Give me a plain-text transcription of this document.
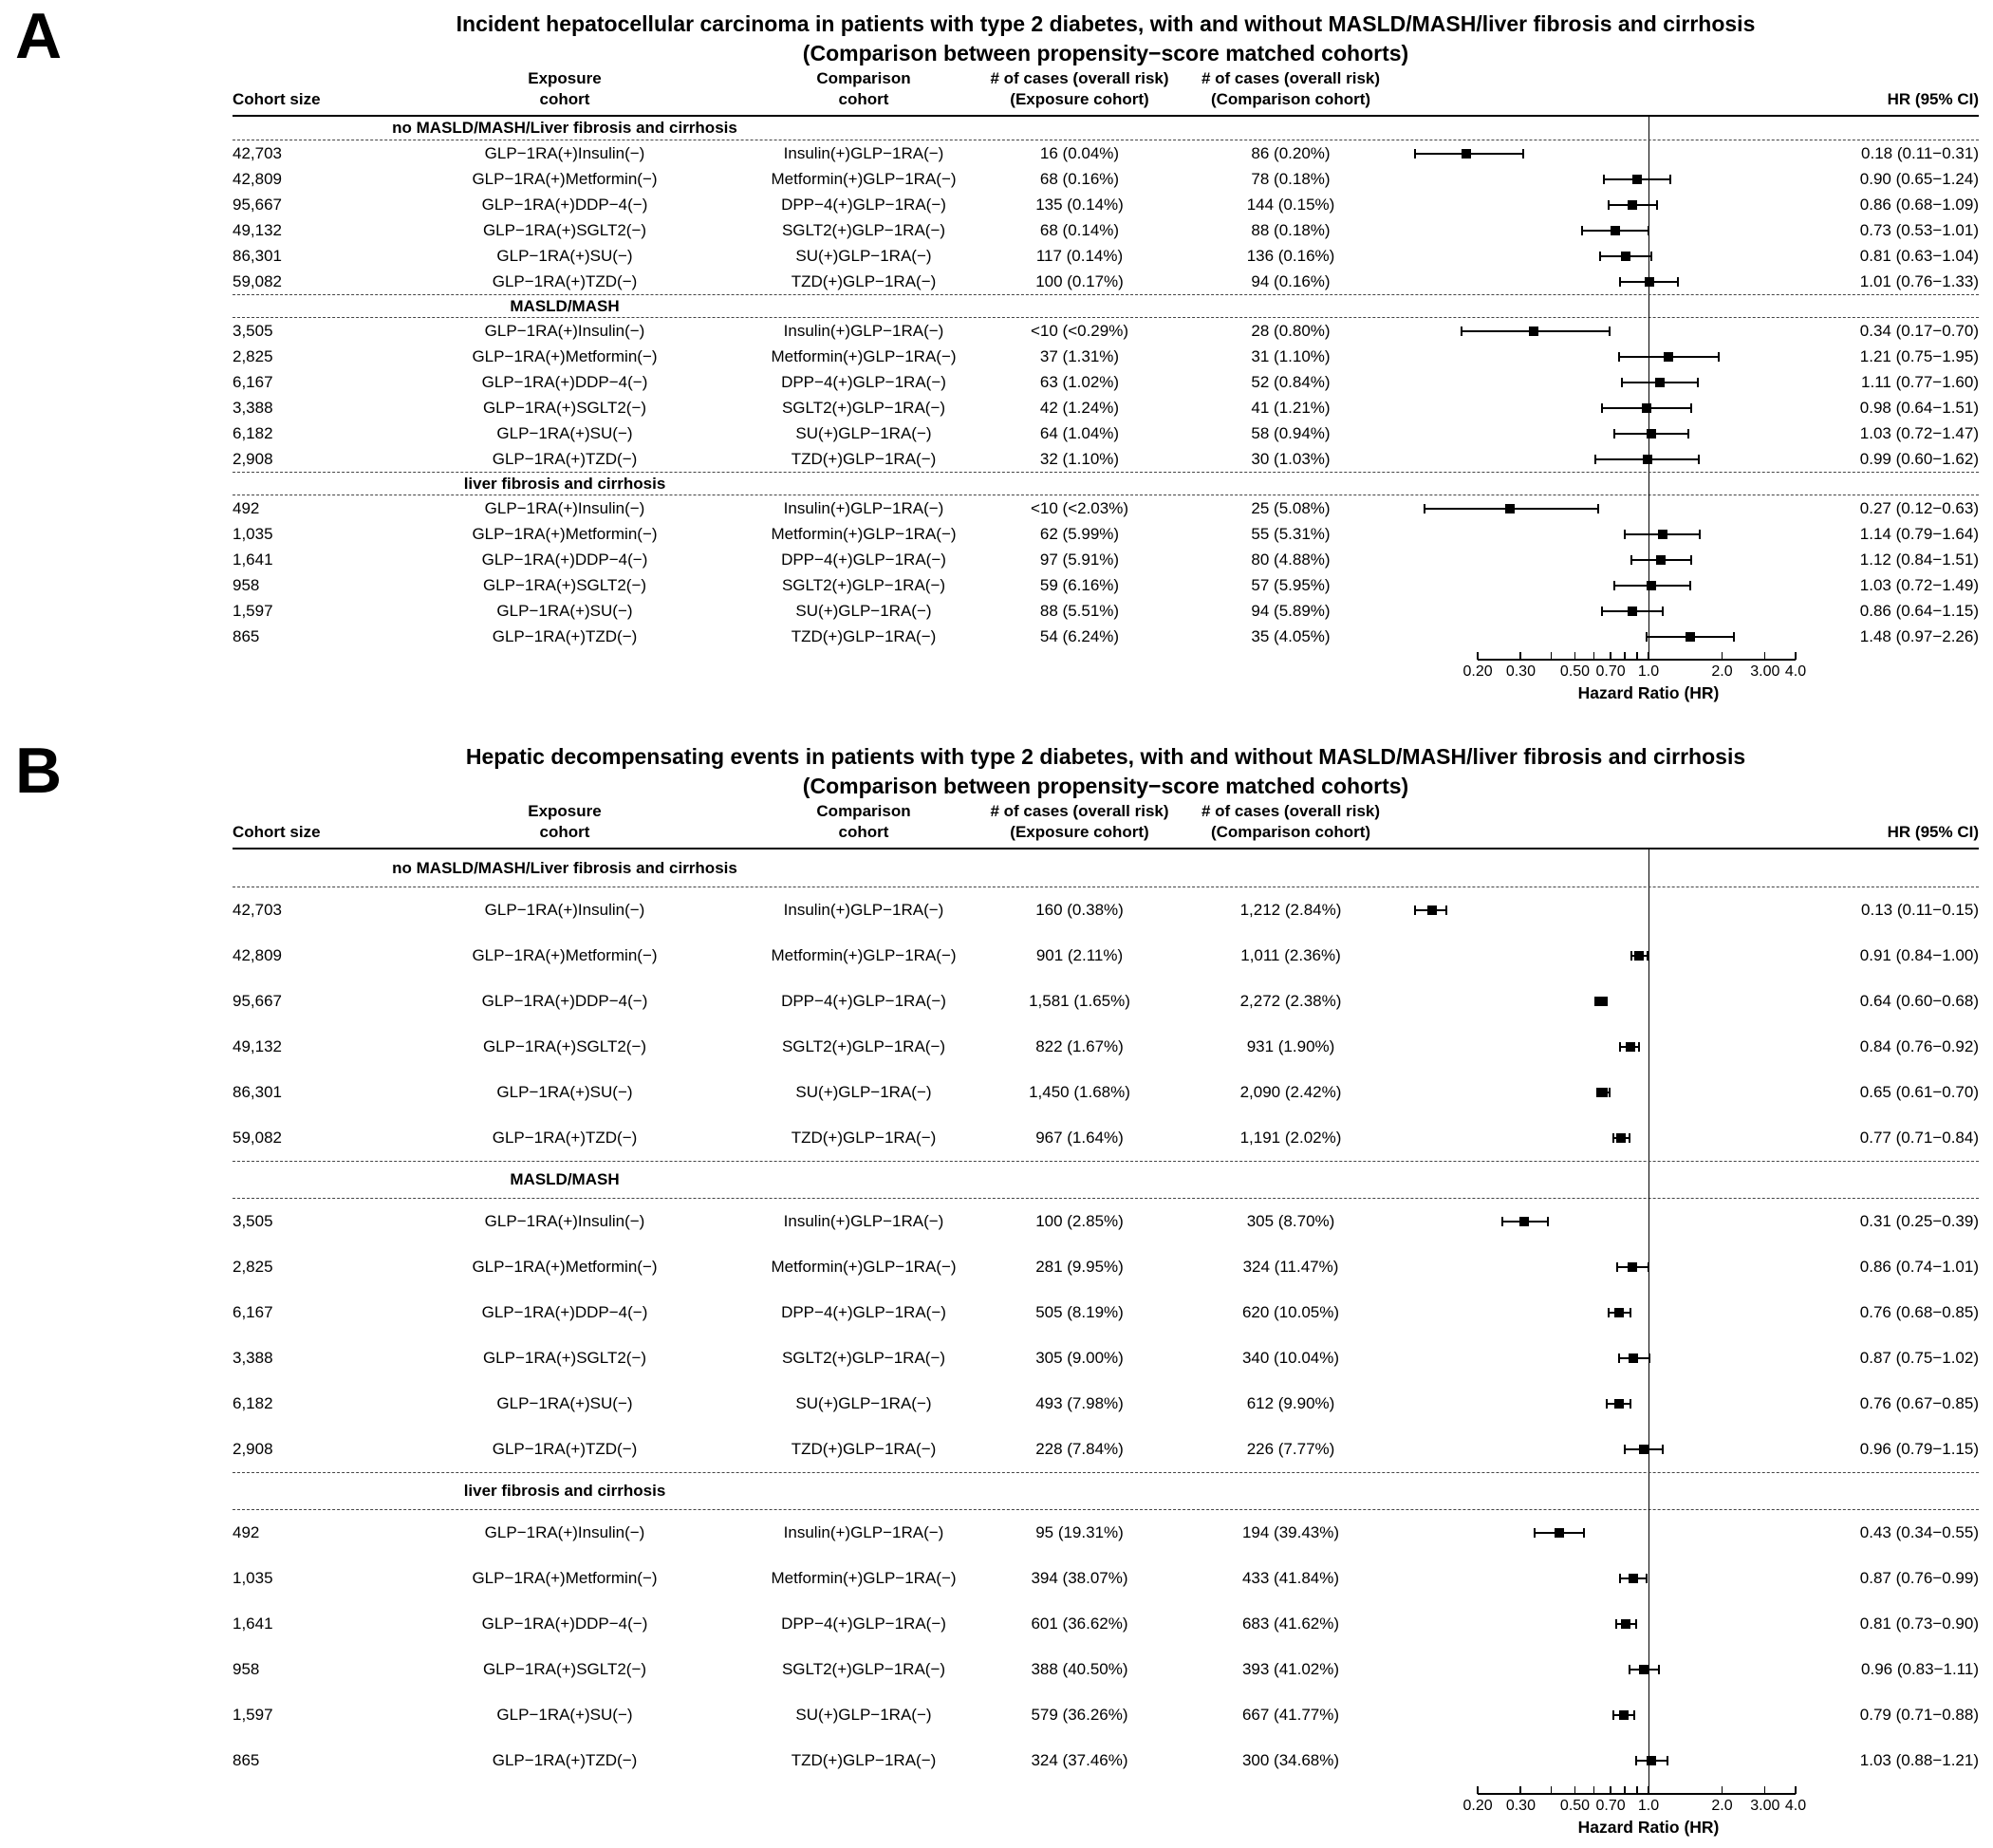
A	Incident hepatocellular carcinoma in patients with type 2 diabetes, with and without MASLD/MASH/liver fibrosis and cirrhosis
(Comparison between propensity−score matched cohorts)
Cohort size
Exposure
cohort
Comparison
cohort
# of cases (overall risk)
(Exposure cohort)
# of cases (overall risk)
(Comparison cohort)	HR (95% CI)
no MASLD/MASH/Liver fibrosis and cirrhosis
42,703	GLP−1RA(+)Insulin(−)	Insulin(+)GLP−1RA(−)	16 (0.04%)	86 (0.20%)	0.18 (0.11−0.31)
42,809	GLP−1RA(+)Metformin(−)	Metformin(+)GLP−1RA(−)	68 (0.16%)	78 (0.18%)	0.90 (0.65−1.24)
95,667	GLP−1RA(+)DDP−4(−)	DPP−4(+)GLP−1RA(−)	135 (0.14%)	144 (0.15%)	0.86 (0.68−1.09)
49,132	GLP−1RA(+)SGLT2(−)	SGLT2(+)GLP−1RA(−)	68 (0.14%)	88 (0.18%)	0.73 (0.53−1.01)
86,301	GLP−1RA(+)SU(−)	SU(+)GLP−1RA(−)	117 (0.14%)	136 (0.16%)	0.81 (0.63−1.04)
59,082	GLP−1RA(+)TZD(−)	TZD(+)GLP−1RA(−)	100 (0.17%)	94 (0.16%)	1.01 (0.76−1.33)
MASLD/MASH
3,505	GLP−1RA(+)Insulin(−)	Insulin(+)GLP−1RA(−)	<10 (<0.29%)	28 (0.80%)	0.34 (0.17−0.70)
2,825	GLP−1RA(+)Metformin(−)	Metformin(+)GLP−1RA(−)	37 (1.31%)	31 (1.10%)	1.21 (0.75−1.95)
6,167	GLP−1RA(+)DDP−4(−)	DPP−4(+)GLP−1RA(−)	63 (1.02%)	52 (0.84%)	1.11 (0.77−1.60)
3,388	GLP−1RA(+)SGLT2(−)	SGLT2(+)GLP−1RA(−)	42 (1.24%)	41 (1.21%)	0.98 (0.64−1.51)
6,182	GLP−1RA(+)SU(−)	SU(+)GLP−1RA(−)	64 (1.04%)	58 (0.94%)	1.03 (0.72−1.47)
2,908	GLP−1RA(+)TZD(−)	TZD(+)GLP−1RA(−)	32 (1.10%)	30 (1.03%)	0.99 (0.60−1.62)
liver fibrosis and cirrhosis
492	GLP−1RA(+)Insulin(−)	Insulin(+)GLP−1RA(−)	<10 (<2.03%)	25 (5.08%)	0.27 (0.12−0.63)
1,035	GLP−1RA(+)Metformin(−)	Metformin(+)GLP−1RA(−)	62 (5.99%)	55 (5.31%)	1.14 (0.79−1.64)
1,641	GLP−1RA(+)DDP−4(−)	DPP−4(+)GLP−1RA(−)	97 (5.91%)	80 (4.88%)	1.12 (0.84−1.51)
958	GLP−1RA(+)SGLT2(−)	SGLT2(+)GLP−1RA(−)	59 (6.16%)	57 (5.95%)	1.03 (0.72−1.49)
1,597	GLP−1RA(+)SU(−)	SU(+)GLP−1RA(−)	88 (5.51%)	94 (5.89%)	0.86 (0.64−1.15)
865	GLP−1RA(+)TZD(−)	TZD(+)GLP−1RA(−)	54 (6.24%)	35 (4.05%)	1.48 (0.97−2.26)
0.20 0.30 0.50 0.70 1.0	2.0 3.00 4.0
Hazard Ratio (HR)
B	Hepatic decompensating events in patients with type 2 diabetes, with and without MASLD/MASH/liver fibrosis and cirrhosis
(Comparison between propensity−score matched cohorts)
Cohort size
Exposure
cohort
Comparison
cohort
# of cases (overall risk)
(Exposure cohort)
# of cases (overall risk)
(Comparison cohort)	HR (95% CI)
no MASLD/MASH/Liver fibrosis and cirrhosis
42,703	GLP−1RA(+)Insulin(−)	Insulin(+)GLP−1RA(−)	160 (0.38%)	1,212 (2.84%)	0.13 (0.11−0.15)
42,809	GLP−1RA(+)Metformin(−)	Metformin(+)GLP−1RA(−)	901 (2.11%)	1,011 (2.36%)	0.91 (0.84−1.00)
95,667	GLP−1RA(+)DDP−4(−)	DPP−4(+)GLP−1RA(−)	1,581 (1.65%)	2,272 (2.38%)	0.64 (0.60−0.68)
49,132	GLP−1RA(+)SGLT2(−)	SGLT2(+)GLP−1RA(−)	822 (1.67%)	931 (1.90%)	0.84 (0.76−0.92)
86,301	GLP−1RA(+)SU(−)	SU(+)GLP−1RA(−)	1,450 (1.68%)	2,090 (2.42%)	0.65 (0.61−0.70)
59,082	GLP−1RA(+)TZD(−)	TZD(+)GLP−1RA(−)	967 (1.64%)	1,191 (2.02%)	0.77 (0.71−0.84)
MASLD/MASH
3,505	GLP−1RA(+)Insulin(−)	Insulin(+)GLP−1RA(−)	100 (2.85%)	305 (8.70%)	0.31 (0.25−0.39)
2,825	GLP−1RA(+)Metformin(−)	Metformin(+)GLP−1RA(−)	281 (9.95%)	324 (11.47%)	0.86 (0.74−1.01)
6,167	GLP−1RA(+)DDP−4(−)	DPP−4(+)GLP−1RA(−)	505 (8.19%)	620 (10.05%)	0.76 (0.68−0.85)
3,388	GLP−1RA(+)SGLT2(−)	SGLT2(+)GLP−1RA(−)	305 (9.00%)	340 (10.04%)	0.87 (0.75−1.02)
6,182	GLP−1RA(+)SU(−)	SU(+)GLP−1RA(−)	493 (7.98%)	612 (9.90%)	0.76 (0.67−0.85)
2,908	GLP−1RA(+)TZD(−)	TZD(+)GLP−1RA(−)	228 (7.84%)	226 (7.77%)	0.96 (0.79−1.15)
liver fibrosis and cirrhosis
492	GLP−1RA(+)Insulin(−)	Insulin(+)GLP−1RA(−)	95 (19.31%)	194 (39.43%)	0.43 (0.34−0.55)
1,035	GLP−1RA(+)Metformin(−)	Metformin(+)GLP−1RA(−)	394 (38.07%)	433 (41.84%)	0.87 (0.76−0.99)
1,641	GLP−1RA(+)DDP−4(−)	DPP−4(+)GLP−1RA(−)	601 (36.62%)	683 (41.62%)	0.81 (0.73−0.90)
958	GLP−1RA(+)SGLT2(−)	SGLT2(+)GLP−1RA(−)	388 (40.50%)	393 (41.02%)	0.96 (0.83−1.11)
1,597	GLP−1RA(+)SU(−)	SU(+)GLP−1RA(−)	579 (36.26%)	667 (41.77%)	0.79 (0.71−0.88)
865	GLP−1RA(+)TZD(−)	TZD(+)GLP−1RA(−)	324 (37.46%)	300 (34.68%)	1.03 (0.88−1.21)
0.20 0.30 0.50 0.70 1.0	2.0 3.00 4.0
Hazard Ratio (HR)
